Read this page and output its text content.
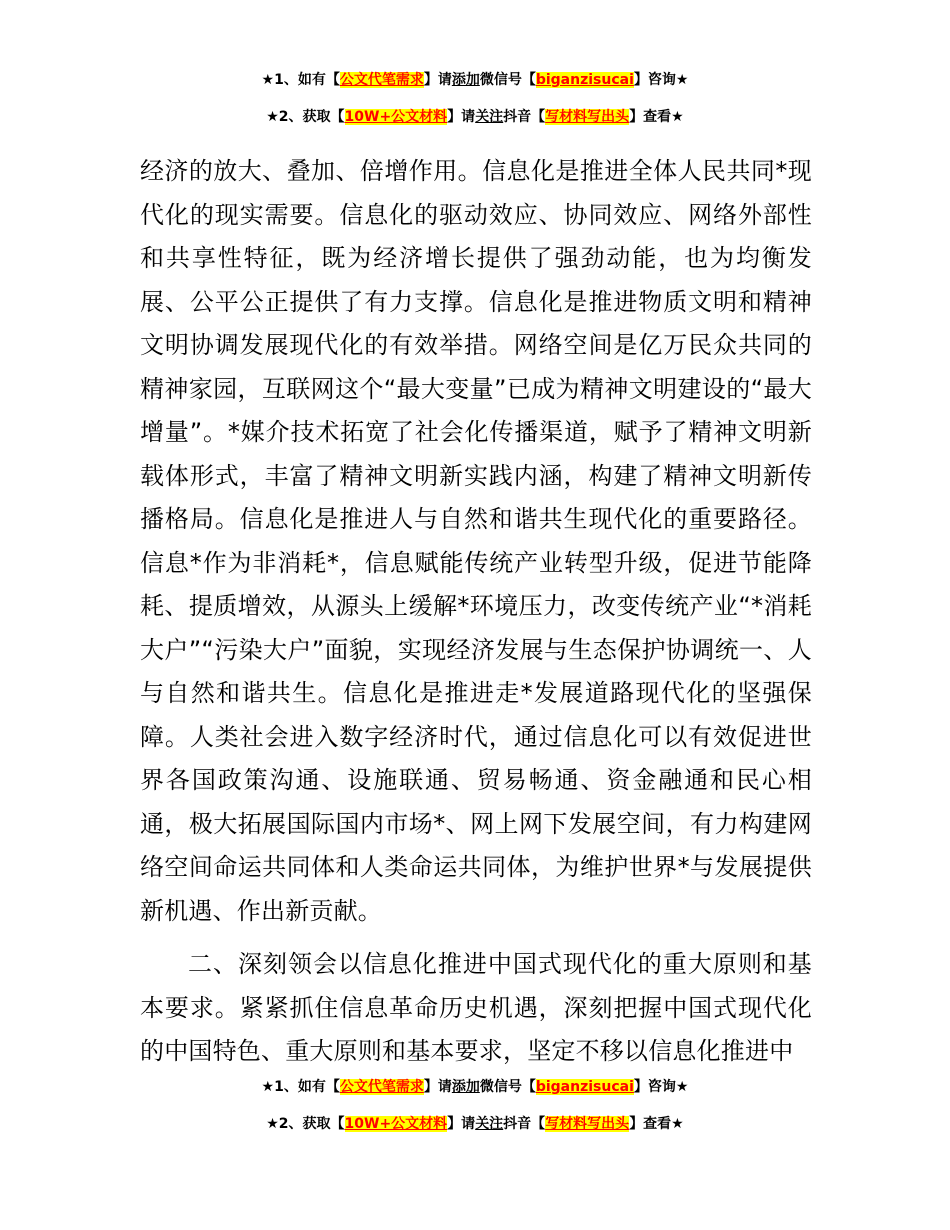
★1、如有【公文代笔需求】请添加微信号【biganzisucai】咨询★
★2、获取【10W+公文材料】请关注抖音【写材料写出头】查看★

经济的放大、叠加、倍增作用。信息化是推进全体人民共同*现代化的现实需要。信息化的驱动效应、协同效应、网络外部性和共享性特征，既为经济增长提供了强劲动能，也为均衡发展、公平公正提供了有力支撑。信息化是推进物质文明和精神文明协调发展现代化的有效举措。网络空间是亿万民众共同的精神家园，互联网这个“最大变量”已成为精神文明建设的“最大增量”。*媒介技术拓宽了社会化传播渠道，赋予了精神文明新载体形式，丰富了精神文明新实践内涵，构建了精神文明新传播格局。信息化是推进人与自然和谐共生现代化的重要路径。信息*作为非消耗*，信息赋能传统产业转型升级，促进节能降耗、提质增效，从源头上缓解*环境压力，改变传统产业“*消耗大户”“污染大户”面貌，实现经济发展与生态保护协调统一、人与自然和谐共生。信息化是推进走*发展道路现代化的坚强保障。人类社会进入数字经济时代，通过信息化可以有效促进世界各国政策沟通、设施联通、贸易畅通、资金融通和民心相通，极大拓展国际国内市场*、网上网下发展空间，有力构建网络空间命运共同体和人类命运共同体，为维护世界*与发展提供新机遇、作出新贡献。

二、深刻领会以信息化推进中国式现代化的重大原则和基本要求。紧紧抓住信息革命历史机遇，深刻把握中国式现代化的中国特色、重大原则和基本要求，坚定不移以信息化推进中

★1、如有【公文代笔需求】请添加微信号【biganzisucai】咨询★
★2、获取【10W+公文材料】请关注抖音【写材料写出头】查看★
